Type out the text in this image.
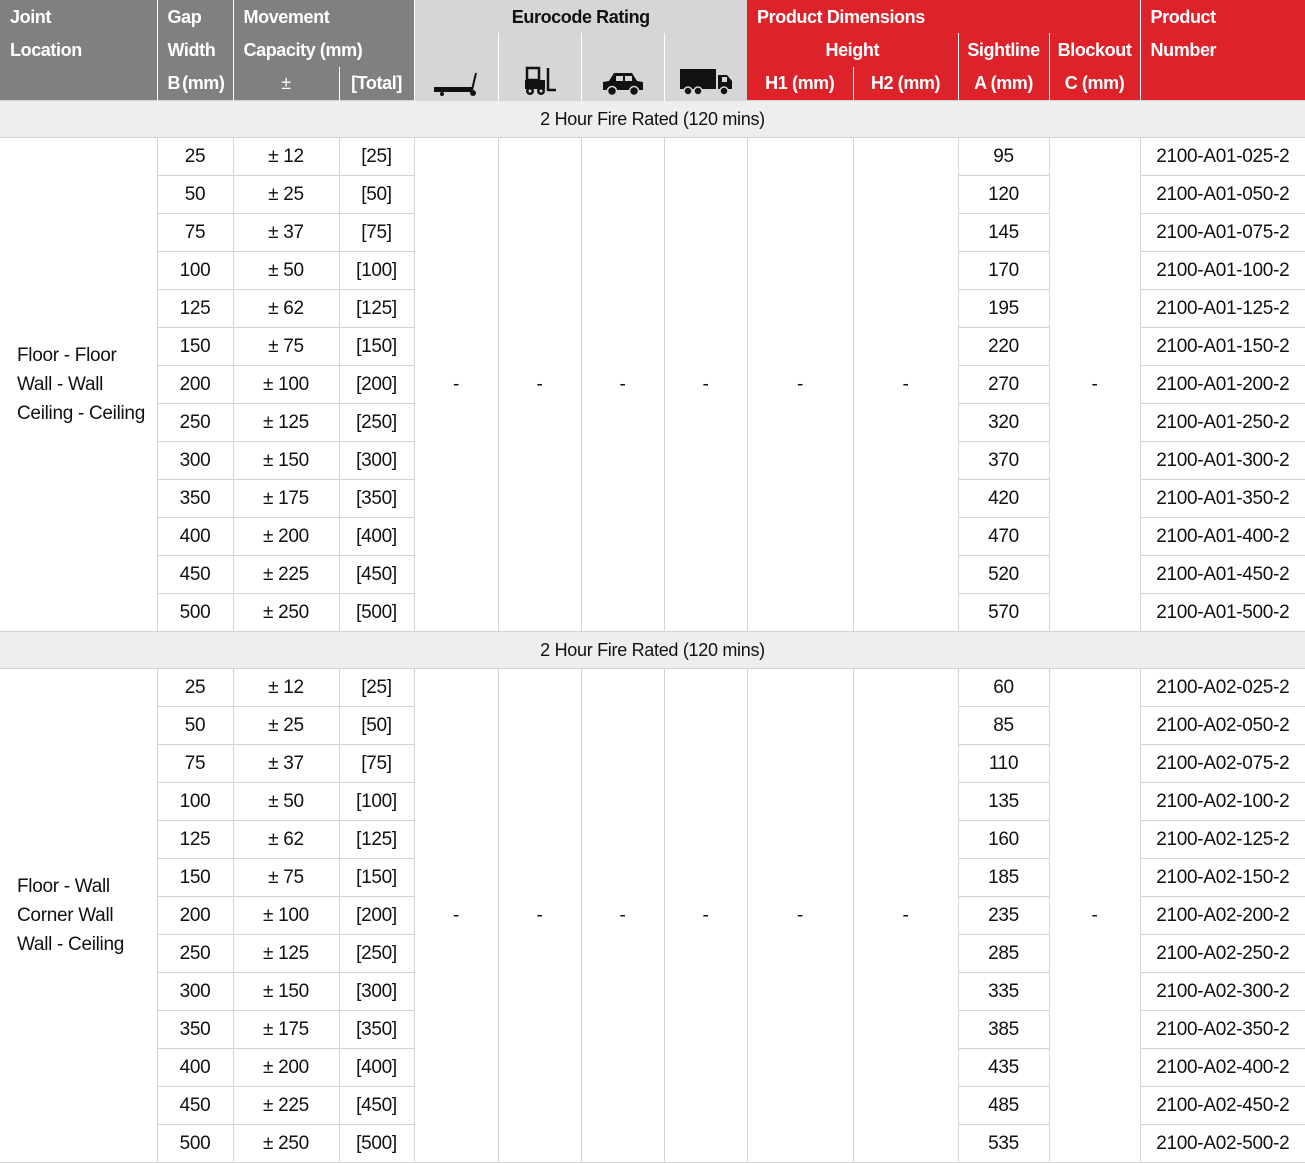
Joint	Gap	Movement		Eurocode Rating				Product Dimensions				Product
Location	Width	Capacity (mm)						Height		Sightline	Blockout	Number
	B (mm)	±	[Total]					H1 (mm)	H2 (mm)	A (mm)	C (mm)	
2 Hour Fire Rated (120 mins)												

Floor - Floor
Wall - Wall
Ceiling - Ceiling	25	± 12	[25]	-	-	-	-	-	-	95	-	2100-A01-025-2
	50	± 25	[50]							120		2100-A01-050-2
	75	± 37	[75]							145		2100-A01-075-2
	100	± 50	[100]							170		2100-A01-100-2
	125	± 62	[125]							195		2100-A01-125-2
	150	± 75	[150]							220		2100-A01-150-2
	200	± 100	[200]							270		2100-A01-200-2
	250	± 125	[250]							320		2100-A01-250-2
	300	± 150	[300]							370		2100-A01-300-2
	350	± 175	[350]							420		2100-A01-350-2
	400	± 200	[400]							470		2100-A01-400-2
	450	± 225	[450]							520		2100-A01-450-2
	500	± 250	[500]							570		2100-A01-500-2
2 Hour Fire Rated (120 mins)												

Floor - Wall
Corner Wall
Wall - Ceiling	25	± 12	[25]	-	-	-	-	-	-	60	-	2100-A02-025-2
	50	± 25	[50]							85		2100-A02-050-2
	75	± 37	[75]							110		2100-A02-075-2
	100	± 50	[100]							135		2100-A02-100-2
	125	± 62	[125]							160		2100-A02-125-2
	150	± 75	[150]							185		2100-A02-150-2
	200	± 100	[200]							235		2100-A02-200-2
	250	± 125	[250]							285		2100-A02-250-2
	300	± 150	[300]							335		2100-A02-300-2
	350	± 175	[350]							385		2100-A02-350-2
	400	± 200	[400]							435		2100-A02-400-2
	450	± 225	[450]							485		2100-A02-450-2
	500	± 250	[500]							535		2100-A02-500-2
